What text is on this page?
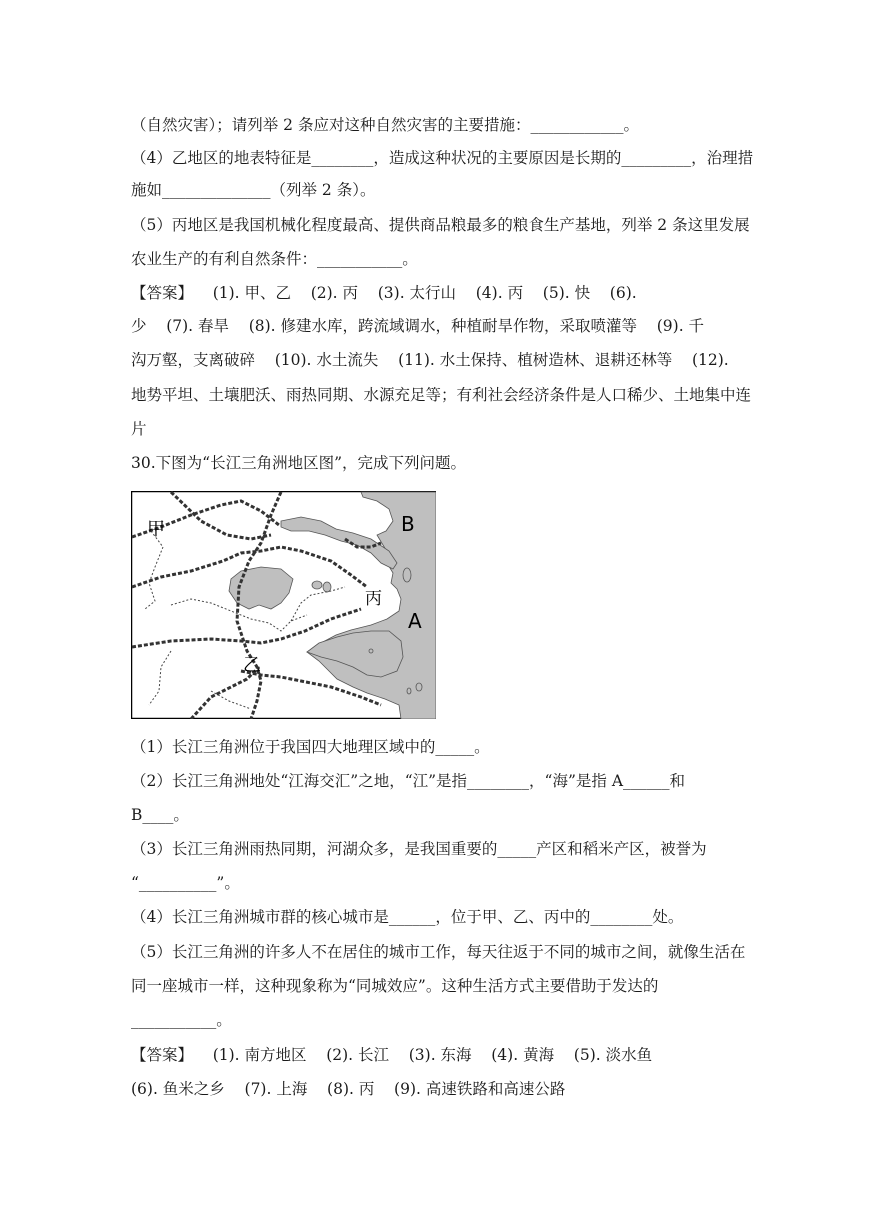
（自然灾害）；请列举 2 条应对这种自然灾害的主要措施：____________。
（4）乙地区的地表特征是________，造成这种状况的主要原因是长期的_________，治理措
施如______________（列举 2 条）。
（5）丙地区是我国机械化程度最高、提供商品粮最多的粮食生产基地，列举 2 条这里发展
农业生产的有利自然条件：___________。
【答案】    (1). 甲、乙    (2). 丙    (3). 太行山    (4). 丙    (5). 快    (6).
少    (7). 春旱    (8). 修建水库，跨流域调水，种植耐旱作物，采取喷灌等    (9). 千
沟万壑，支离破碎    (10). 水土流失    (11). 水土保持、植树造林、退耕还林等    (12).
地势平坦、土壤肥沃、雨热同期、水源充足等；有利社会经济条件是人口稀少、土地集中连
片
30.下图为“长江三角洲地区图”，完成下列问题。
甲	B
丙
A
乙
（1）长江三角洲位于我国四大地理区域中的_____。
（2）长江三角洲地处“江海交汇”之地，“江”是指________，“海”是指 A______和
B____。
（3）长江三角洲雨热同期，河湖众多，是我国重要的_____产区和稻米产区，被誉为
“__________”。
（4）长江三角洲城市群的核心城市是______，位于甲、乙、丙中的________处。
（5）长江三角洲的许多人不在居住的城市工作，每天往返于不同的城市之间，就像生活在
同一座城市一样，这种现象称为“同城效应”。这种生活方式主要借助于发达的
___________。
【答案】    (1). 南方地区    (2). 长江    (3). 东海    (4). 黄海    (5). 淡水鱼
(6). 鱼米之乡    (7). 上海    (8). 丙    (9). 高速铁路和高速公路
